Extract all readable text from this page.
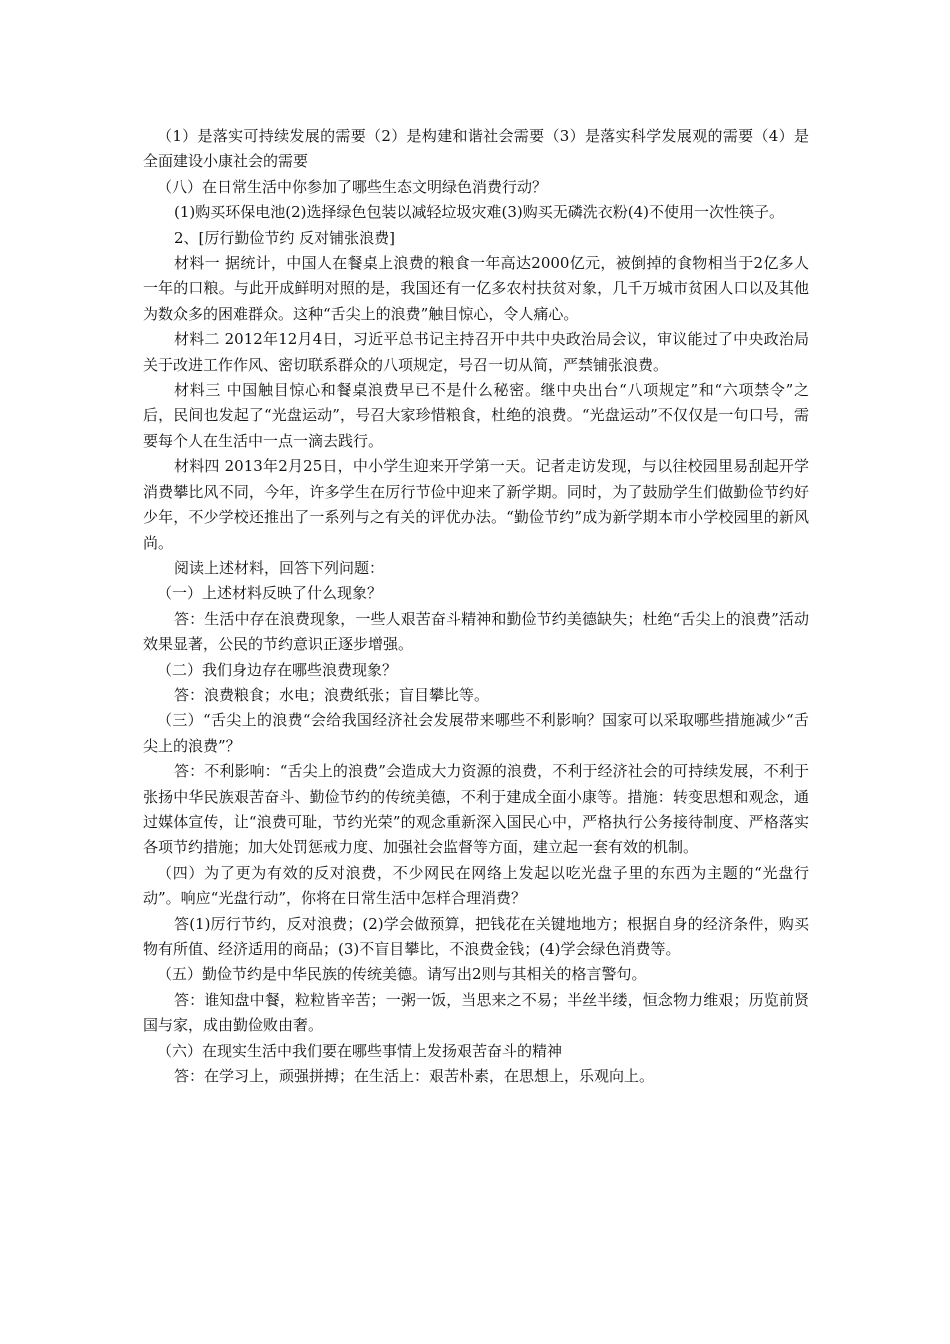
（1）是落实可持续发展的需要（2）是构建和谐社会需要（3）是落实科学发展观的需要（4）是全面建设小康社会的需要

（八）在日常生活中你参加了哪些生态文明绿色消费行动？

(1)购买环保电池(2)选择绿色包装以减轻垃圾灾难(3)购买无磷洗衣粉(4)不使用一次性筷子。

2、[厉行勤俭节约 反对铺张浪费]

材料一 据统计，中国人在餐桌上浪费的粮食一年高达2000亿元，被倒掉的食物相当于2亿多人一年的口粮。与此开成鲜明对照的是，我国还有一亿多农村扶贫对象，几千万城市贫困人口以及其他为数众多的困难群众。这种“舌尖上的浪费”触目惊心，令人痛心。

材料二 2012年12月4日，习近平总书记主持召开中共中央政治局会议，审议能过了中央政治局关于改进工作作风、密切联系群众的八项规定，号召一切从简，严禁铺张浪费。

材料三 中国触目惊心和餐桌浪费早已不是什么秘密。继中央出台“八项规定”和“六项禁令”之后，民间也发起了“光盘运动”，号召大家珍惜粮食，杜绝的浪费。“光盘运动”不仅仅是一句口号，需要每个人在生活中一点一滴去践行。

材料四 2013年2月25日，中小学生迎来开学第一天。记者走访发现，与以往校园里易刮起开学消费攀比风不同，今年，许多学生在厉行节俭中迎来了新学期。同时，为了鼓励学生们做勤俭节约好少年，不少学校还推出了一系列与之有关的评优办法。“勤俭节约”成为新学期本市小学校园里的新风尚。

阅读上述材料，回答下列问题：

（一）上述材料反映了什么现象？

答：生活中存在浪费现象，一些人艰苦奋斗精神和勤俭节约美德缺失；杜绝“舌尖上的浪费”活动效果显著，公民的节约意识正逐步增强。

（二）我们身边存在哪些浪费现象？

答：浪费粮食；水电；浪费纸张；盲目攀比等。

（三）“舌尖上的浪费“会给我国经济社会发展带来哪些不利影响？国家可以采取哪些措施减少“舌尖上的浪费”？

答：不利影响：“舌尖上的浪费”会造成大力资源的浪费，不利于经济社会的可持续发展，不利于张扬中华民族艰苦奋斗、勤俭节约的传统美德，不利于建成全面小康等。措施：转变思想和观念，通过媒体宣传，让“浪费可耻，节约光荣”的观念重新深入国民心中，严格执行公务接待制度、严格落实各项节约措施；加大处罚惩戒力度、加强社会监督等方面，建立起一套有效的机制。

（四）为了更为有效的反对浪费，不少网民在网络上发起以吃光盘子里的东西为主题的“光盘行动”。响应“光盘行动”，你将在日常生活中怎样合理消费？

答(1)厉行节约，反对浪费；(2)学会做预算，把钱花在关键地地方；根据自身的经济条件，购买物有所值、经济适用的商品；(3)不盲目攀比，不浪费金钱；(4)学会绿色消费等。

（五）勤俭节约是中华民族的传统美德。请写出2则与其相关的格言警句。

答：谁知盘中餐，粒粒皆辛苦；一粥一饭，当思来之不易；半丝半缕，恒念物力维艰；历览前贤国与家，成由勤俭败由奢。

（六）在现实生活中我们要在哪些事情上发扬艰苦奋斗的精神

答：在学习上，顽强拼搏；在生活上：艰苦朴素，在思想上，乐观向上。
